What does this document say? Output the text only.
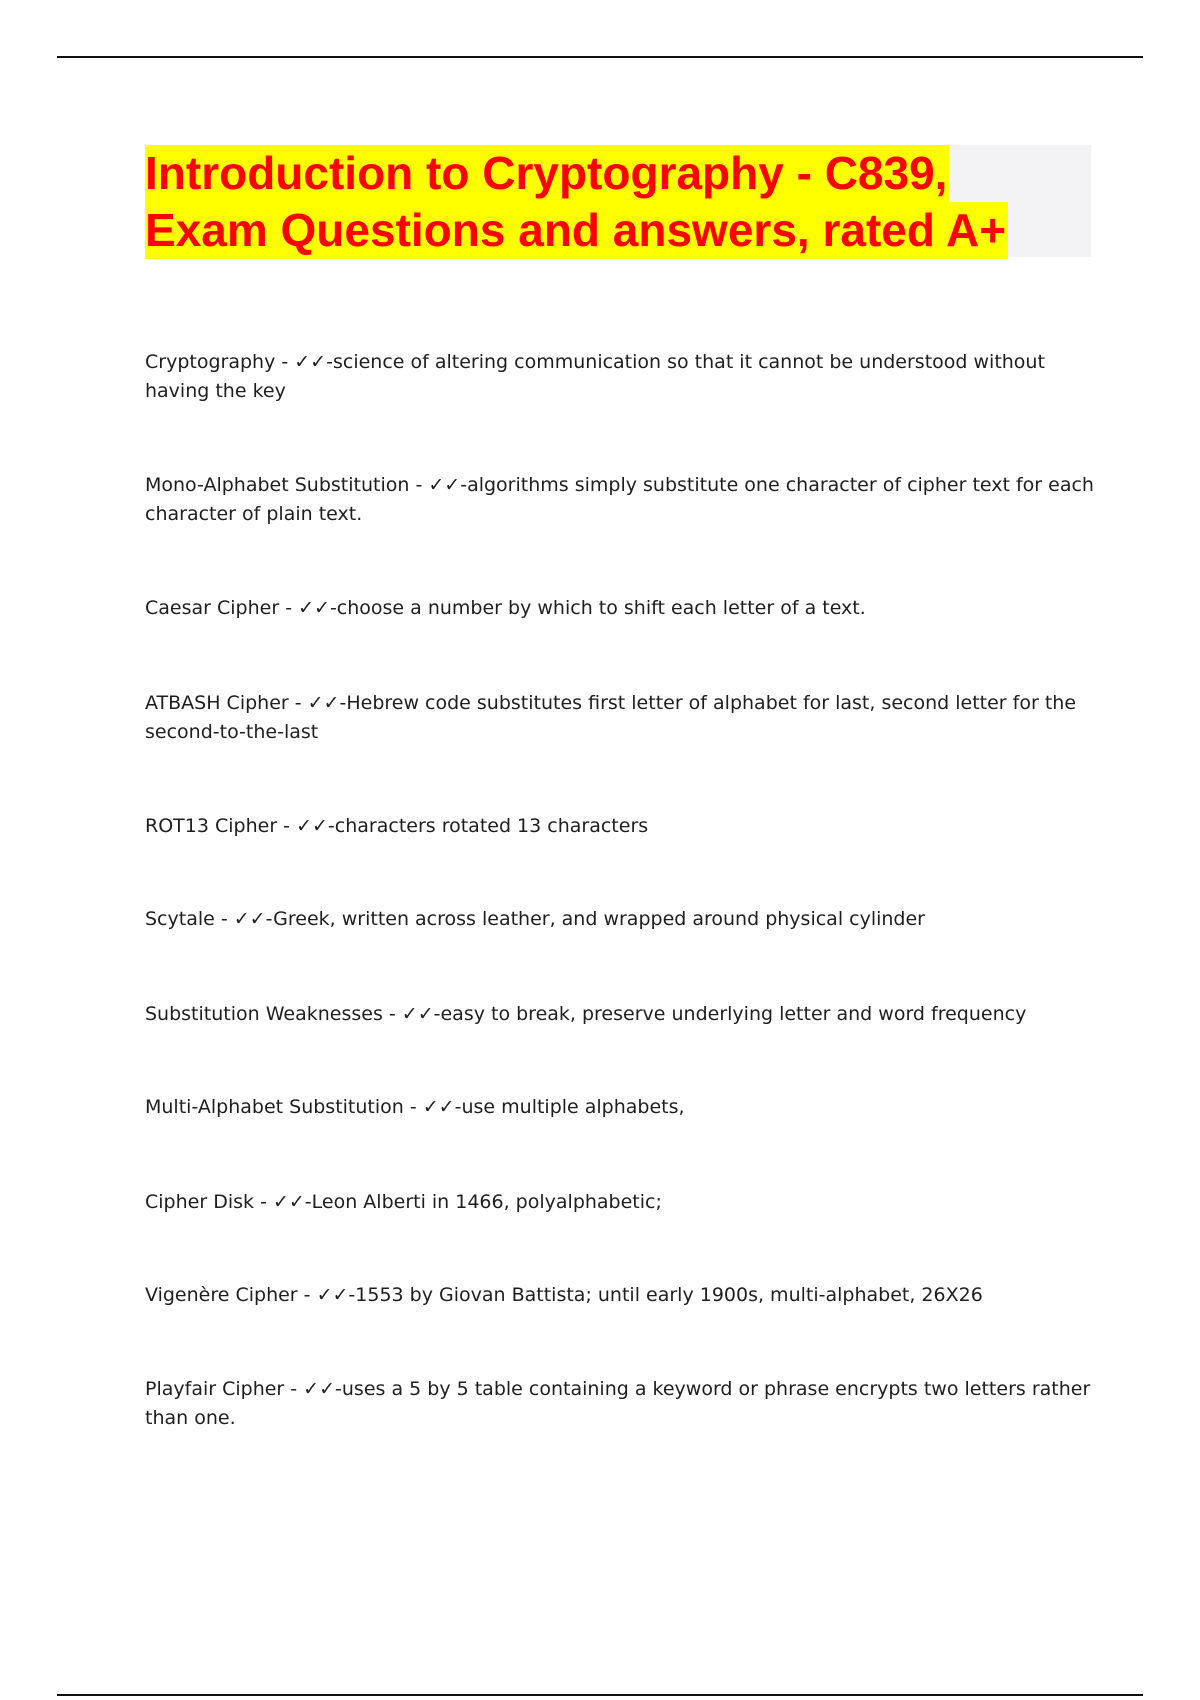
Introduction to Cryptography - C839,
Exam Questions and answers, rated A+
Cryptography - ✓✓-science of altering communication so that it cannot be understood without having the key
Mono-Alphabet Substitution - ✓✓-algorithms simply substitute one character of cipher text for each character of plain text.
Caesar Cipher - ✓✓-choose a number by which to shift each letter of a text.
ATBASH Cipher - ✓✓-Hebrew code substitutes first letter of alphabet for last, second letter for the second-to-the-last
ROT13 Cipher - ✓✓-characters rotated 13 characters
Scytale - ✓✓-Greek, written across leather, and wrapped around physical cylinder
Substitution Weaknesses - ✓✓-easy to break, preserve underlying letter and word frequency
Multi-Alphabet Substitution - ✓✓-use multiple alphabets,
Cipher Disk - ✓✓-Leon Alberti in 1466, polyalphabetic;
Vigenère Cipher - ✓✓-1553 by Giovan Battista; until early 1900s, multi-alphabet, 26X26
Playfair Cipher - ✓✓-uses a 5 by 5 table containing a keyword or phrase encrypts two letters rather than one.
